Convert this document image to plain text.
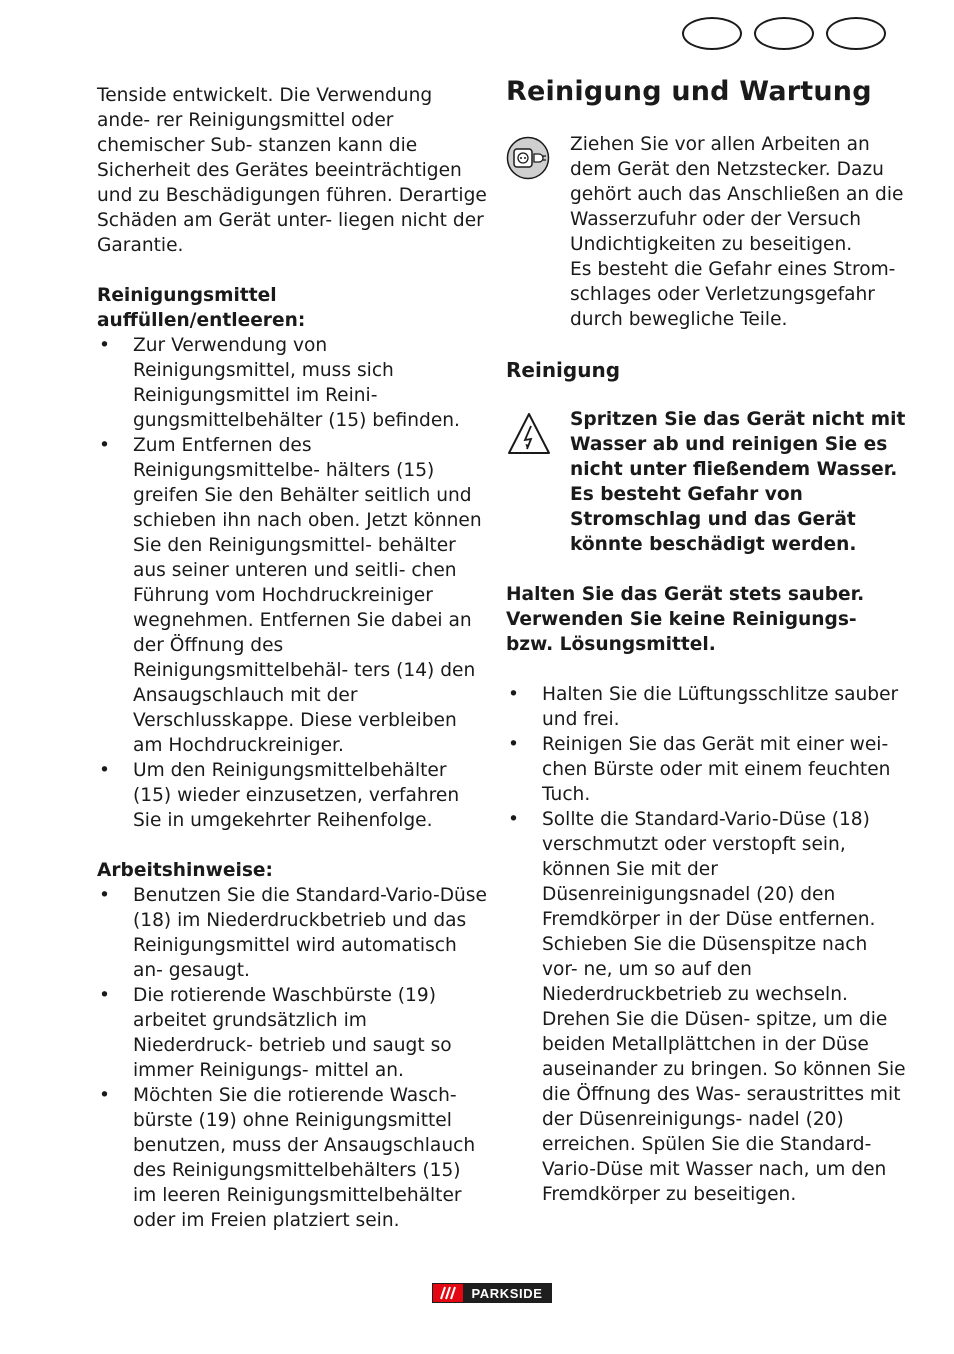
Tenside entwickelt. Die Verwendung ande- rer Reinigungsmittel oder chemischer Sub- stanzen kann die Sicherheit des Gerätes beeinträchtigen und zu Beschädigungen führen. Derartige Schäden am Gerät unter- liegen nicht der Garantie.

Reinigungsmittel auffüllen/entleeren:

• Zur Verwendung von Reinigungsmittel, muss sich Reinigungsmittel im Reini- gungsmittelbehälter (15) befinden.
• Zum Entfernen des Reinigungsmittelbe- hälters (15) greifen Sie den Behälter seitlich und schieben ihn nach oben. Jetzt können Sie den Reinigungsmittel- behälter aus seiner unteren und seitli- chen Führung vom Hochdruckreiniger wegnehmen. Entfernen Sie dabei an der Öffnung des Reinigungsmittelbehäl- ters (14) den Ansaugschlauch mit der Verschlusskappe. Diese verbleiben am Hochdruckreiniger.
• Um den Reinigungsmittelbehälter (15) wieder einzusetzen, verfahren Sie in umgekehrter Reihenfolge.

Arbeitshinweise:

• Benutzen Sie die Standard-Vario-Düse (18) im Niederdruckbetrieb und das Reinigungsmittel wird automatisch an- gesaugt.
• Die rotierende Waschbürste (19) arbeitet grundsätzlich im Niederdruck- betrieb und saugt so immer Reinigungs- mittel an.
• Möchten Sie die rotierende Wasch- bürste (19) ohne Reinigungsmittel benutzen, muss der Ansaugschlauch des Reinigungsmittelbehälters (15) im leeren Reinigungsmittelbehälter oder im Freien platziert sein.

Reinigung und Wartung

Ziehen Sie vor allen Arbeiten an dem Gerät den Netzstecker. Dazu gehört auch das Anschließen an die Wasserzufuhr oder der Versuch Undichtigkeiten zu beseitigen.

Es besteht die Gefahr eines Strom- schlages oder Verletzungsgefahr durch bewegliche Teile.

Reinigung

Spritzen Sie das Gerät nicht mit Wasser ab und reinigen Sie es nicht unter fließendem Wasser. Es besteht Gefahr von Stromschlag und das Gerät könnte beschädigt werden.

Halten Sie das Gerät stets sauber. Verwenden Sie keine Reinigungs- bzw. Lösungsmittel.

• Halten Sie die Lüftungsschlitze sauber und frei.
• Reinigen Sie das Gerät mit einer wei- chen Bürste oder mit einem feuchten Tuch.
• Sollte die Standard-Vario-Düse (18) verschmutzt oder verstopft sein, können Sie mit der Düsenreinigungsnadel (20) den Fremdkörper in der Düse entfernen. Schieben Sie die Düsenspitze nach vor- ne, um so auf den Niederdruckbetrieb zu wechseln. Drehen Sie die Düsen- spitze, um die beiden Metallplättchen in der Düse auseinander zu bringen. So können Sie die Öffnung des Was- seraustrittes mit der Düsenreinigungs- nadel (20) erreichen. Spülen Sie die Standard-Vario-Düse mit Wasser nach, um den Fremdkörper zu beseitigen.
PARKSIDE
